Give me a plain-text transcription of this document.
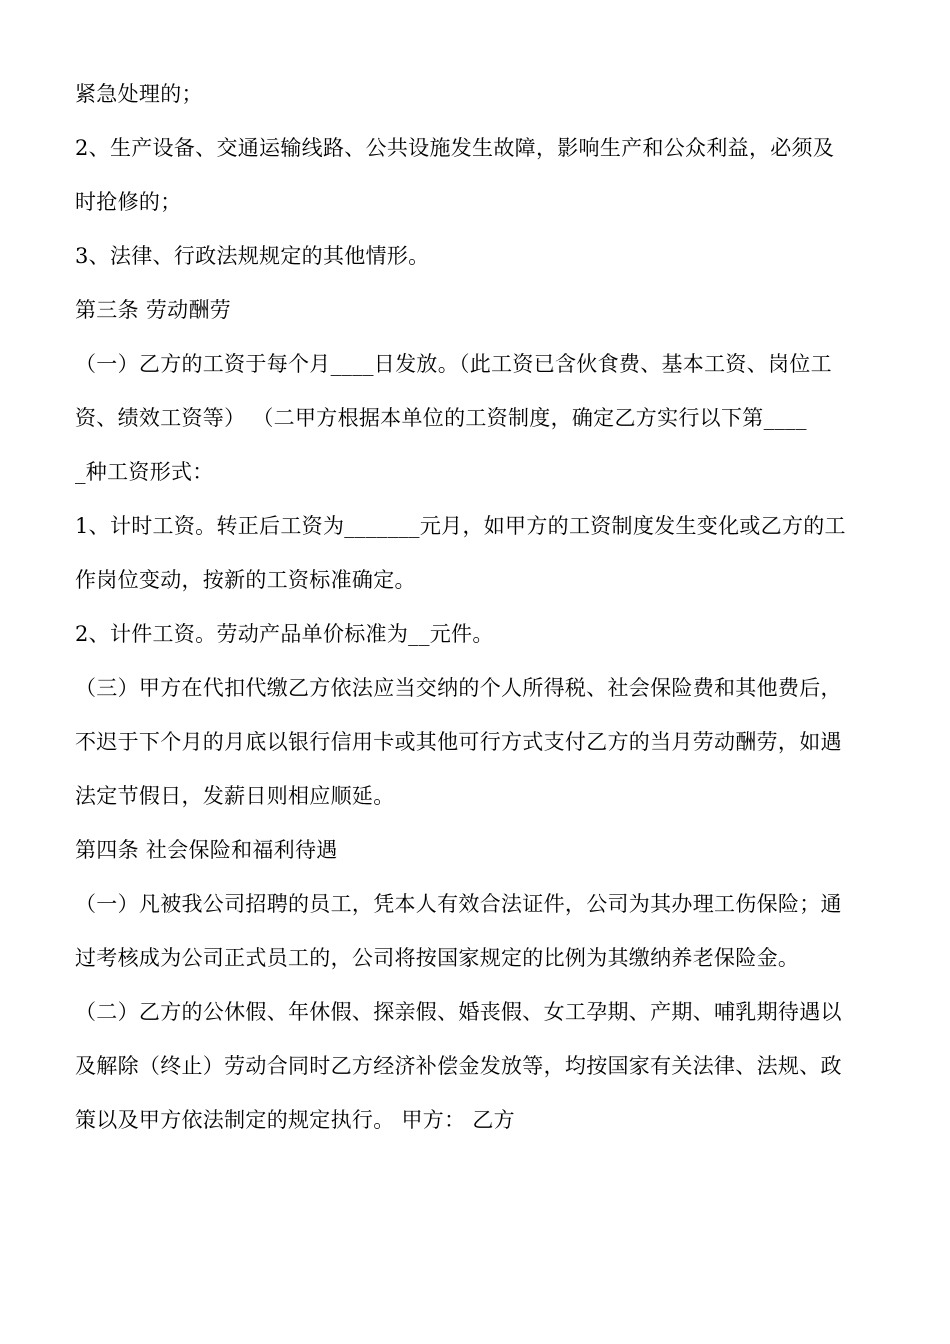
紧急处理的；
2、生产设备、交通运输线路、公共设施发生故障，影响生产和公众利益，必须及
时抢修的；
3、法律、行政法规规定的其他情形。
第三条 劳动酬劳
（一）乙方的工资于每个月____日发放。（此工资已含伙食费、基本工资、岗位工
资、绩效工资等） （二甲方根据本单位的工资制度，确定乙方实行以下第____
_种工资形式：
1、计时工资。转正后工资为_______元月，如甲方的工资制度发生变化或乙方的工
作岗位变动，按新的工资标准确定。
2、计件工资。劳动产品单价标准为__元件。
（三）甲方在代扣代缴乙方依法应当交纳的个人所得税、社会保险费和其他费后，
不迟于下个月的月底以银行信用卡或其他可行方式支付乙方的当月劳动酬劳，如遇
法定节假日，发薪日则相应顺延。
第四条 社会保险和福利待遇
（一）凡被我公司招聘的员工，凭本人有效合法证件，公司为其办理工伤保险；通
过考核成为公司正式员工的，公司将按国家规定的比例为其缴纳养老保险金。
（二）乙方的公休假、年休假、探亲假、婚丧假、女工孕期、产期、哺乳期待遇以
及解除（终止）劳动合同时乙方经济补偿金发放等，均按国家有关法律、法规、政
策以及甲方依法制定的规定执行。 甲方： 乙方
